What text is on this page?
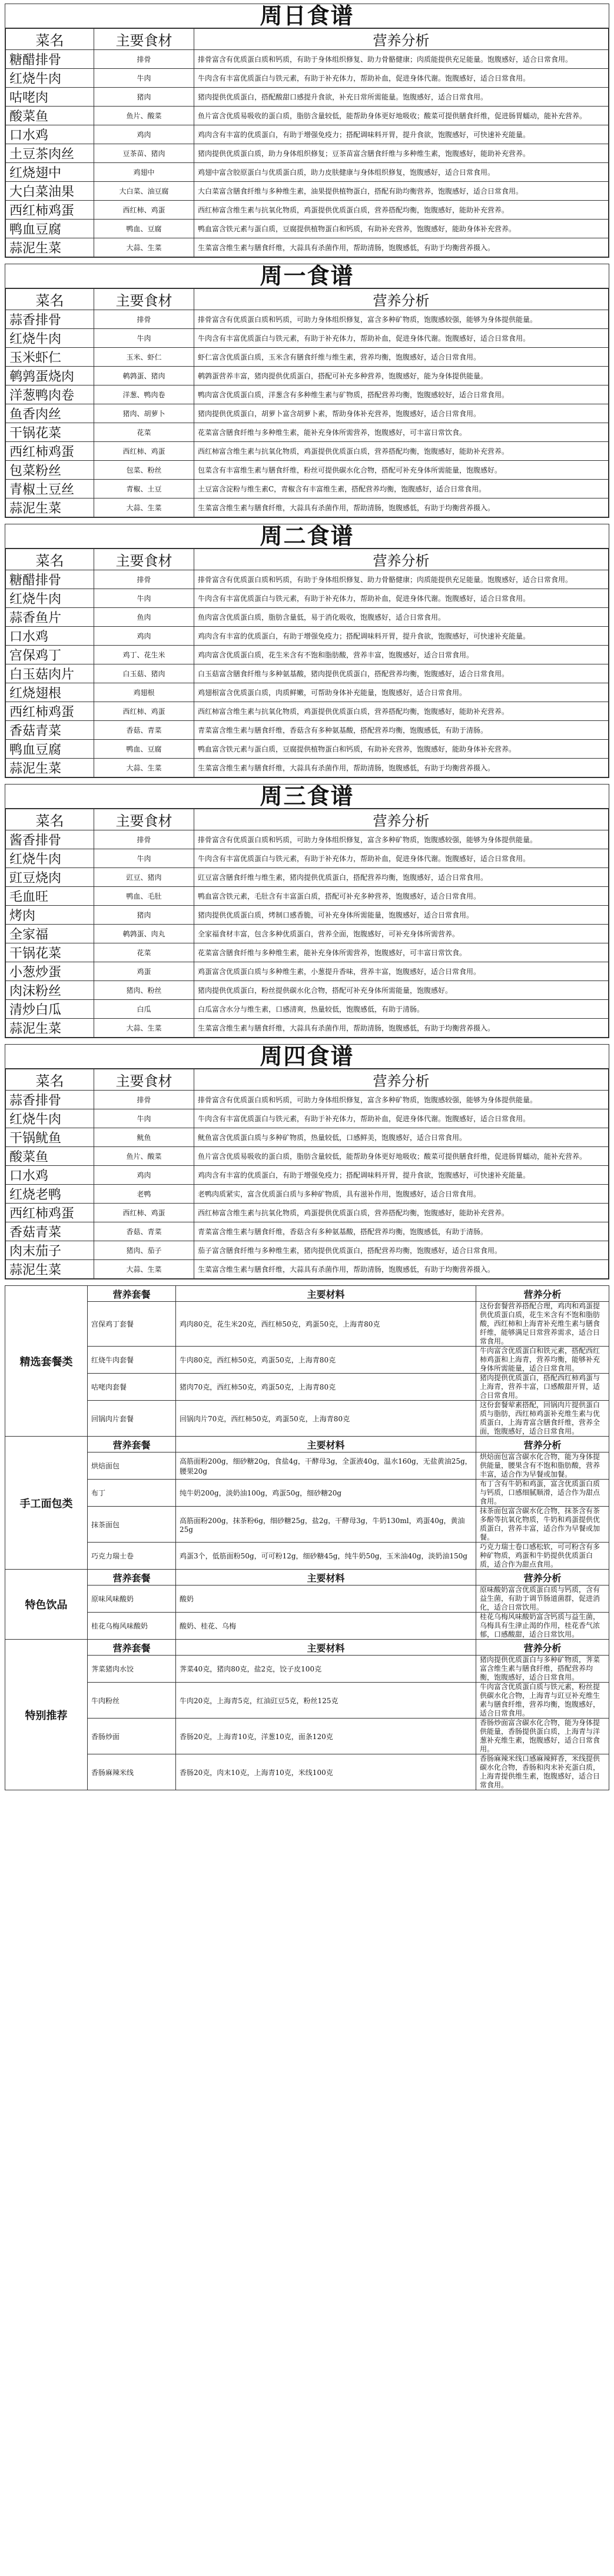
周日食谱
菜名	主要食材	营养分析
糖醋排骨	排骨	排骨富含有优质蛋白质和钙质，有助于身体组织修复、助力骨骼健康；肉质能提供充足能量。饱腹感好，适合日常食用。
红烧牛肉	牛肉	牛肉含有丰富优质蛋白与铁元素，有助于补充体力，帮助补血，促进身体代谢。饱腹感好，适合日常食用。
咕咾肉	猪肉	猪肉提供优质蛋白，搭配酸甜口感提升食欲，补充日常所需能量。饱腹感好，适合日常食用。
酸菜鱼	鱼片、酸菜	鱼片富含优质易吸收的蛋白质，脂肪含量较低，能帮助身体更好地吸收；酸菜可提供膳食纤维，促进肠胃蠕动，能补充营养。
口水鸡	鸡肉	鸡肉含有丰富的优质蛋白，有助于增强免疫力；搭配调味料开胃，提升食欲，饱腹感好，可快速补充能量。
土豆茶肉丝	豆茶苗、猪肉	猪肉提供优质蛋白质，助力身体组织修复；豆茶苗富含膳食纤维与多种维生素，饱腹感好，能助补充营养。
红烧翅中	鸡翅中	鸡翅中富含胶原蛋白与优质蛋白质，助力皮肤健康与身体组织修复，饱腹感好，适合日常食用。
大白菜油果	大白菜、油豆腐	大白菜富含膳食纤维与多种维生素，油果提供植物蛋白，搭配有助均衡营养，饱腹感好，适合日常食用。
西红柿鸡蛋	西红柿、鸡蛋	西红柿富含维生素与抗氧化物质，鸡蛋提供优质蛋白质，营养搭配均衡，饱腹感好，能助补充营养。
鸭血豆腐	鸭血、豆腐	鸭血富含铁元素与蛋白质，豆腐提供植物蛋白和钙质，有助补充营养，饱腹感好，能助身体补充营养。
蒜泥生菜	大蒜、生菜	生菜富含维生素与膳食纤维，大蒜具有杀菌作用，帮助清肠，饱腹感低，有助于均衡营养摄入。
周一食谱
菜名	主要食材	营养分析
蒜香排骨	排骨	排骨富含有优质蛋白质和钙质，可助力身体组织修复，富含多种矿物质，饱腹感较强，能够为身体提供能量。
红烧牛肉	牛肉	牛肉含有丰富优质蛋白与铁元素，有助于补充体力，帮助补血，促进身体代谢。饱腹感好，适合日常食用。
玉米虾仁	玉米、虾仁	虾仁富含优质蛋白质，玉米含有膳食纤维与维生素，营养均衡，饱腹感好，适合日常食用。
鹌鹑蛋烧肉	鹌鹑蛋、猪肉	鹌鹑蛋营养丰富，猪肉提供优质蛋白，搭配可补充多种营养，饱腹感好，能为身体提供能量。
洋葱鸭肉卷	洋葱、鸭肉卷	鸭肉富含优质蛋白质，洋葱含有多种维生素与矿物质，搭配营养均衡，饱腹感较好，适合日常食用。
鱼香肉丝	猪肉、胡萝卜	猪肉提供优质蛋白，胡萝卜富含胡萝卜素，帮助身体补充营养，饱腹感好，适合日常食用。
干锅花菜	花菜	花菜富含膳食纤维与多种维生素，能补充身体所需营养，饱腹感好，可丰富日常饮食。
西红柿鸡蛋	西红柿、鸡蛋	西红柿富含维生素与抗氧化物质，鸡蛋提供优质蛋白质，营养搭配均衡，饱腹感好，能助补充营养。
包菜粉丝	包菜、粉丝	包菜含有丰富维生素与膳食纤维，粉丝可提供碳水化合物，搭配可补充身体所需能量，饱腹感好。
青椒土豆丝	青椒、土豆	土豆富含淀粉与维生素C，青椒含有丰富维生素，搭配营养均衡，饱腹感好，适合日常食用。
蒜泥生菜	大蒜、生菜	生菜富含维生素与膳食纤维，大蒜具有杀菌作用，帮助清肠，饱腹感低，有助于均衡营养摄入。
周二食谱
菜名	主要食材	营养分析
糖醋排骨	排骨	排骨富含有优质蛋白质和钙质，有助于身体组织修复、助力骨骼健康；肉质能提供充足能量。饱腹感好，适合日常食用。
红烧牛肉	牛肉	牛肉含有丰富优质蛋白与铁元素，有助于补充体力，帮助补血，促进身体代谢。饱腹感好，适合日常食用。
蒜香鱼片	鱼肉	鱼肉富含优质蛋白质，脂肪含量低，易于消化吸收，饱腹感好，适合日常食用。
口水鸡	鸡肉	鸡肉含有丰富的优质蛋白，有助于增强免疫力；搭配调味料开胃，提升食欲，饱腹感好，可快速补充能量。
宫保鸡丁	鸡丁、花生米	鸡肉富含优质蛋白质，花生米含有不饱和脂肪酸，营养丰富，饱腹感好，适合日常食用。
白玉菇肉片	白玉菇、猪肉	白玉菇富含膳食纤维与多种氨基酸，猪肉提供优质蛋白，搭配营养均衡，饱腹感好，适合日常食用。
红烧翅根	鸡翅根	鸡翅根富含优质蛋白质，肉质鲜嫩，可帮助身体补充能量，饱腹感好，适合日常食用。
西红柿鸡蛋	西红柿、鸡蛋	西红柿富含维生素与抗氧化物质，鸡蛋提供优质蛋白质，营养搭配均衡，饱腹感好，能助补充营养。
香菇青菜	香菇、青菜	青菜富含维生素与膳食纤维，香菇含有多种氨基酸，搭配营养均衡，饱腹感低，有助于清肠。
鸭血豆腐	鸭血、豆腐	鸭血富含铁元素与蛋白质，豆腐提供植物蛋白和钙质，有助补充营养，饱腹感好，能助身体补充营养。
蒜泥生菜	大蒜、生菜	生菜富含维生素与膳食纤维，大蒜具有杀菌作用，帮助清肠，饱腹感低，有助于均衡营养摄入。
周三食谱
菜名	主要食材	营养分析
酱香排骨	排骨	排骨富含有优质蛋白质和钙质，可助力身体组织修复，富含多种矿物质，饱腹感较强，能够为身体提供能量。
红烧牛肉	牛肉	牛肉含有丰富优质蛋白与铁元素，有助于补充体力，帮助补血，促进身体代谢。饱腹感好，适合日常食用。
豇豆烧肉	豇豆、猪肉	豇豆富含膳食纤维与维生素，猪肉提供优质蛋白，搭配营养均衡，饱腹感好，适合日常食用。
毛血旺	鸭血、毛肚	鸭血富含铁元素，毛肚含有丰富蛋白质，搭配可补充多种营养，饱腹感好，适合日常食用。
烤肉	猪肉	猪肉提供优质蛋白质，烤制口感香脆，可补充身体所需能量，饱腹感好，适合日常食用。
全家福	鹌鹑蛋、肉丸	全家福食材丰富，包含多种优质蛋白，营养全面，饱腹感好，可补充身体所需营养。
干锅花菜	花菜	花菜富含膳食纤维与多种维生素，能补充身体所需营养，饱腹感好，可丰富日常饮食。
小葱炒蛋	鸡蛋	鸡蛋富含优质蛋白质与多种维生素，小葱提升香味，营养丰富，饱腹感好，适合日常食用。
肉沫粉丝	猪肉、粉丝	猪肉提供优质蛋白，粉丝提供碳水化合物，搭配可补充身体所需能量，饱腹感好。
清炒白瓜	白瓜	白瓜富含水分与维生素，口感清爽，热量较低，饱腹感低，有助于清肠。
蒜泥生菜	大蒜、生菜	生菜富含维生素与膳食纤维，大蒜具有杀菌作用，帮助清肠，饱腹感低，有助于均衡营养摄入。
周四食谱
菜名	主要食材	营养分析
蒜香排骨	排骨	排骨富含有优质蛋白质和钙质，可助力身体组织修复，富含多种矿物质，饱腹感较强，能够为身体提供能量。
红烧牛肉	牛肉	牛肉含有丰富优质蛋白与铁元素，有助于补充体力，帮助补血，促进身体代谢。饱腹感好，适合日常食用。
干锅鱿鱼	鱿鱼	鱿鱼富含优质蛋白质与多种矿物质，热量较低，口感鲜美，饱腹感好，适合日常食用。
酸菜鱼	鱼片、酸菜	鱼片富含优质易吸收的蛋白质，脂肪含量较低，能帮助身体更好地吸收；酸菜可提供膳食纤维，促进肠胃蠕动，能补充营养。
口水鸡	鸡肉	鸡肉含有丰富的优质蛋白，有助于增强免疫力；搭配调味料开胃，提升食欲，饱腹感好，可快速补充能量。
红烧老鸭	老鸭	老鸭肉质紧实，富含优质蛋白质与多种矿物质，具有滋补作用，饱腹感好，适合日常食用。
西红柿鸡蛋	西红柿、鸡蛋	西红柿富含维生素与抗氧化物质，鸡蛋提供优质蛋白质，营养搭配均衡，饱腹感好，能助补充营养。
香菇青菜	香菇、青菜	青菜富含维生素与膳食纤维，香菇含有多种氨基酸，搭配营养均衡，饱腹感低，有助于清肠。
肉末茄子	猪肉、茄子	茄子富含膳食纤维与多种维生素，猪肉提供优质蛋白，搭配营养均衡，饱腹感好，适合日常食用。
蒜泥生菜	大蒜、生菜	生菜富含维生素与膳食纤维，大蒜具有杀菌作用，帮助清肠，饱腹感低，有助于均衡营养摄入。
精选套餐类	营养套餐	主要材料	营养分析
	宫保鸡丁套餐	鸡肉80克，花生米20克，西红柿50克，鸡蛋50克，上海青80克	这份套餐营养搭配合理，鸡肉和鸡蛋提供优质蛋白质，花生米含有不饱和脂肪酸，西红柿和上海青补充维生素与膳食纤维，能够满足日常营养需求，适合日常食用。
	红烧牛肉套餐	牛肉80克，西红柿50克，鸡蛋50克，上海青80克	牛肉富含优质蛋白和铁元素，搭配西红柿鸡蛋和上海青，营养均衡，能够补充身体所需能量，适合日常食用。
	咕咾肉套餐	猪肉70克，西红柿50克，鸡蛋50克，上海青80克	猪肉提供优质蛋白，搭配西红柿鸡蛋与上海青，营养丰富，口感酸甜开胃，适合日常食用。
	回锅肉片套餐	回锅肉片70克，西红柿50克，鸡蛋50克，上海青80克	这份套餐荤素搭配，回锅肉片提供蛋白质与脂肪，西红柿鸡蛋补充维生素与优质蛋白，上海青富含膳食纤维，营养全面，饱腹感好，适合日常食用。
手工面包类	营养套餐	主要材料	营养分析
	烘焙面包	高筋面粉200g，细砂糖20g，食盐4g，干酵母3g，全蛋液40g，温水160g，无盐黄油25g，腰果20g	烘焙面包富含碳水化合物，能为身体提供能量，腰果含有不饱和脂肪酸，营养丰富，适合作为早餐或加餐。
	布丁	纯牛奶200g，淡奶油100g，鸡蛋50g，细砂糖20g	布丁含有牛奶和鸡蛋，富含优质蛋白质与钙质，口感细腻顺滑，适合作为甜点食用。
	抹茶面包	高筋面粉200g，抹茶粉6g，细砂糖25g，盐2g，干酵母3g，牛奶130ml，鸡蛋40g，黄油25g	抹茶面包富含碳水化合物，抹茶含有茶多酚等抗氧化物质，牛奶和鸡蛋提供优质蛋白，营养丰富，适合作为早餐或加餐。
	巧克力瑞士卷	鸡蛋3个，低筋面粉50g，可可粉12g，细砂糖45g，纯牛奶50g，玉米油40g，淡奶油150g	巧克力瑞士卷口感松软，可可粉含有多种矿物质，鸡蛋和牛奶提供优质蛋白质，适合作为甜点食用。
特色饮品	营养套餐	主要材料	营养分析
	原味风味酸奶	酸奶	原味酸奶富含优质蛋白质与钙质，含有益生菌，有助于调节肠道菌群，促进消化，适合日常饮用。
	桂花乌梅风味酸奶	酸奶、桂花、乌梅	桂花乌梅风味酸奶富含钙质与益生菌，乌梅具有生津止渴的作用，桂花香气浓郁，口感酸甜，适合日常饮用。
特别推荐	营养套餐	主要材料	营养分析
	荠菜猪肉水饺	荠菜40克，猪肉80克，盐2克，饺子皮100克	猪肉提供优质蛋白与多种矿物质，荠菜富含维生素与膳食纤维，搭配营养均衡，饱腹感好，适合日常食用。
	牛肉粉丝	牛肉20克，上海青5克，红油豇豆5克，粉丝125克	牛肉富含优质蛋白质与铁元素，粉丝提供碳水化合物，上海青与豇豆补充维生素与膳食纤维，营养均衡，饱腹感好，适合日常食用。
	香肠炒面	香肠20克，上海青10克，洋葱10克，面条120克	香肠炒面富含碳水化合物，能为身体提供能量，香肠提供蛋白质，上海青与洋葱补充维生素，饱腹感好，适合日常食用。
	香肠麻辣米线	香肠20克，肉末10克，上海青10克，米线100克	香肠麻辣米线口感麻辣鲜香，米线提供碳水化合物，香肠和肉末补充蛋白质，上海青提供维生素，饱腹感好，适合日常食用。
